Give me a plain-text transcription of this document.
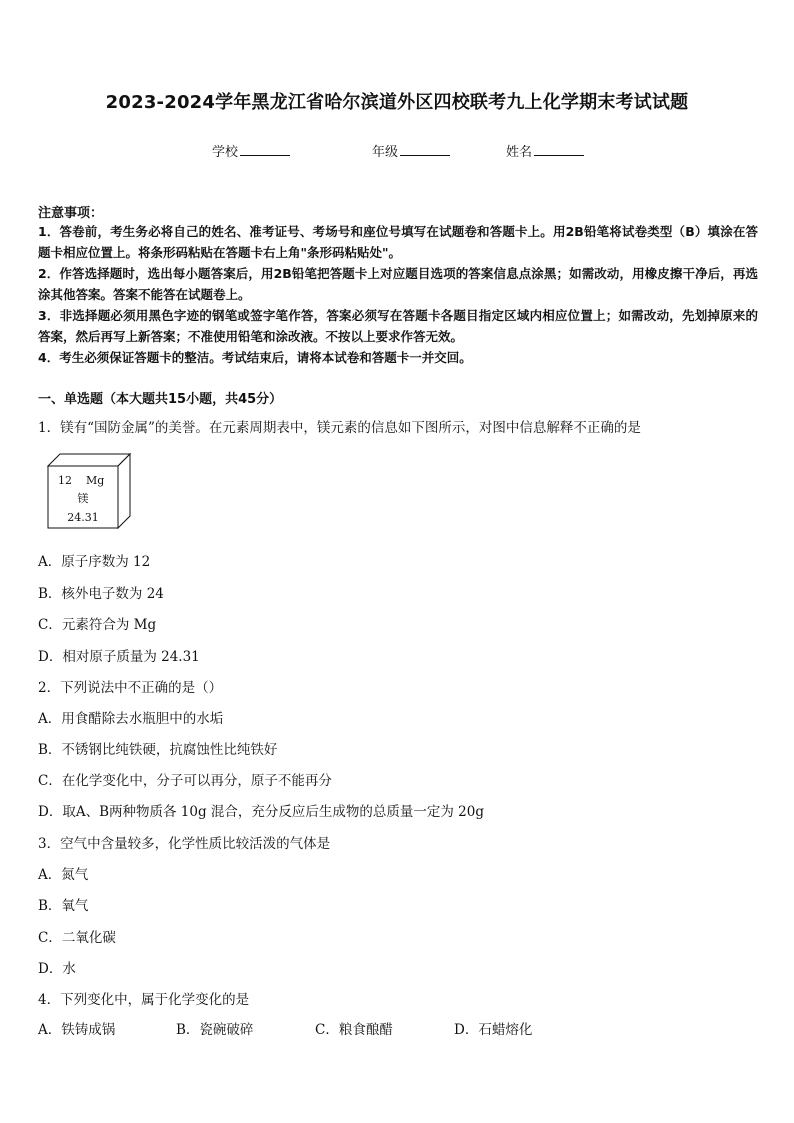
2023-2024学年黑龙江省哈尔滨道外区四校联考九上化学期末考试试题
学校	年级	姓名
注意事项：

1．答卷前，考生务必将自己的姓名、准考证号、考场号和座位号填写在试题卷和答题卡上。用2B铅笔将试卷类型（B）填涂在答题卡相应位置上。将条形码粘贴在答题卡右上角"条形码粘贴处"。

2．作答选择题时，选出每小题答案后，用2B铅笔把答题卡上对应题目选项的答案信息点涂黑；如需改动，用橡皮擦干净后，再选涂其他答案。答案不能答在试题卷上。

3．非选择题必须用黑色字迹的钢笔或签字笔作答，答案必须写在答题卡各题目指定区域内相应位置上；如需改动，先划掉原来的答案，然后再写上新答案；不准使用铅笔和涂改液。不按以上要求作答无效。

4．考生必须保证答题卡的整洁。考试结束后，请将本试卷和答题卡一并交回。

一、单选题（本大题共15小题，共45分）
1．镁有“国防金属”的美誉。在元素周期表中，镁元素的信息如下图所示，对图中信息解释不正确的是
12 Mg
镁
24.31
A．原子序数为 12
B．核外电子数为 24
C．元素符合为 Mg
D．相对原子质量为 24.31
2．下列说法中不正确的是（）
A．用食醋除去水瓶胆中的水垢
B．不锈钢比纯铁硬，抗腐蚀性比纯铁好
C．在化学变化中，分子可以再分，原子不能再分
D．取A、B两种物质各 10g 混合，充分反应后生成物的总质量一定为 20g
3．空气中含量较多，化学性质比较活泼的气体是
A．氮气
B．氧气
C．二氧化碳
D．水
4．下列变化中，属于化学变化的是
A．铁铸成锅	B．瓷碗破碎	C．粮食酿醋	D．石蜡熔化
